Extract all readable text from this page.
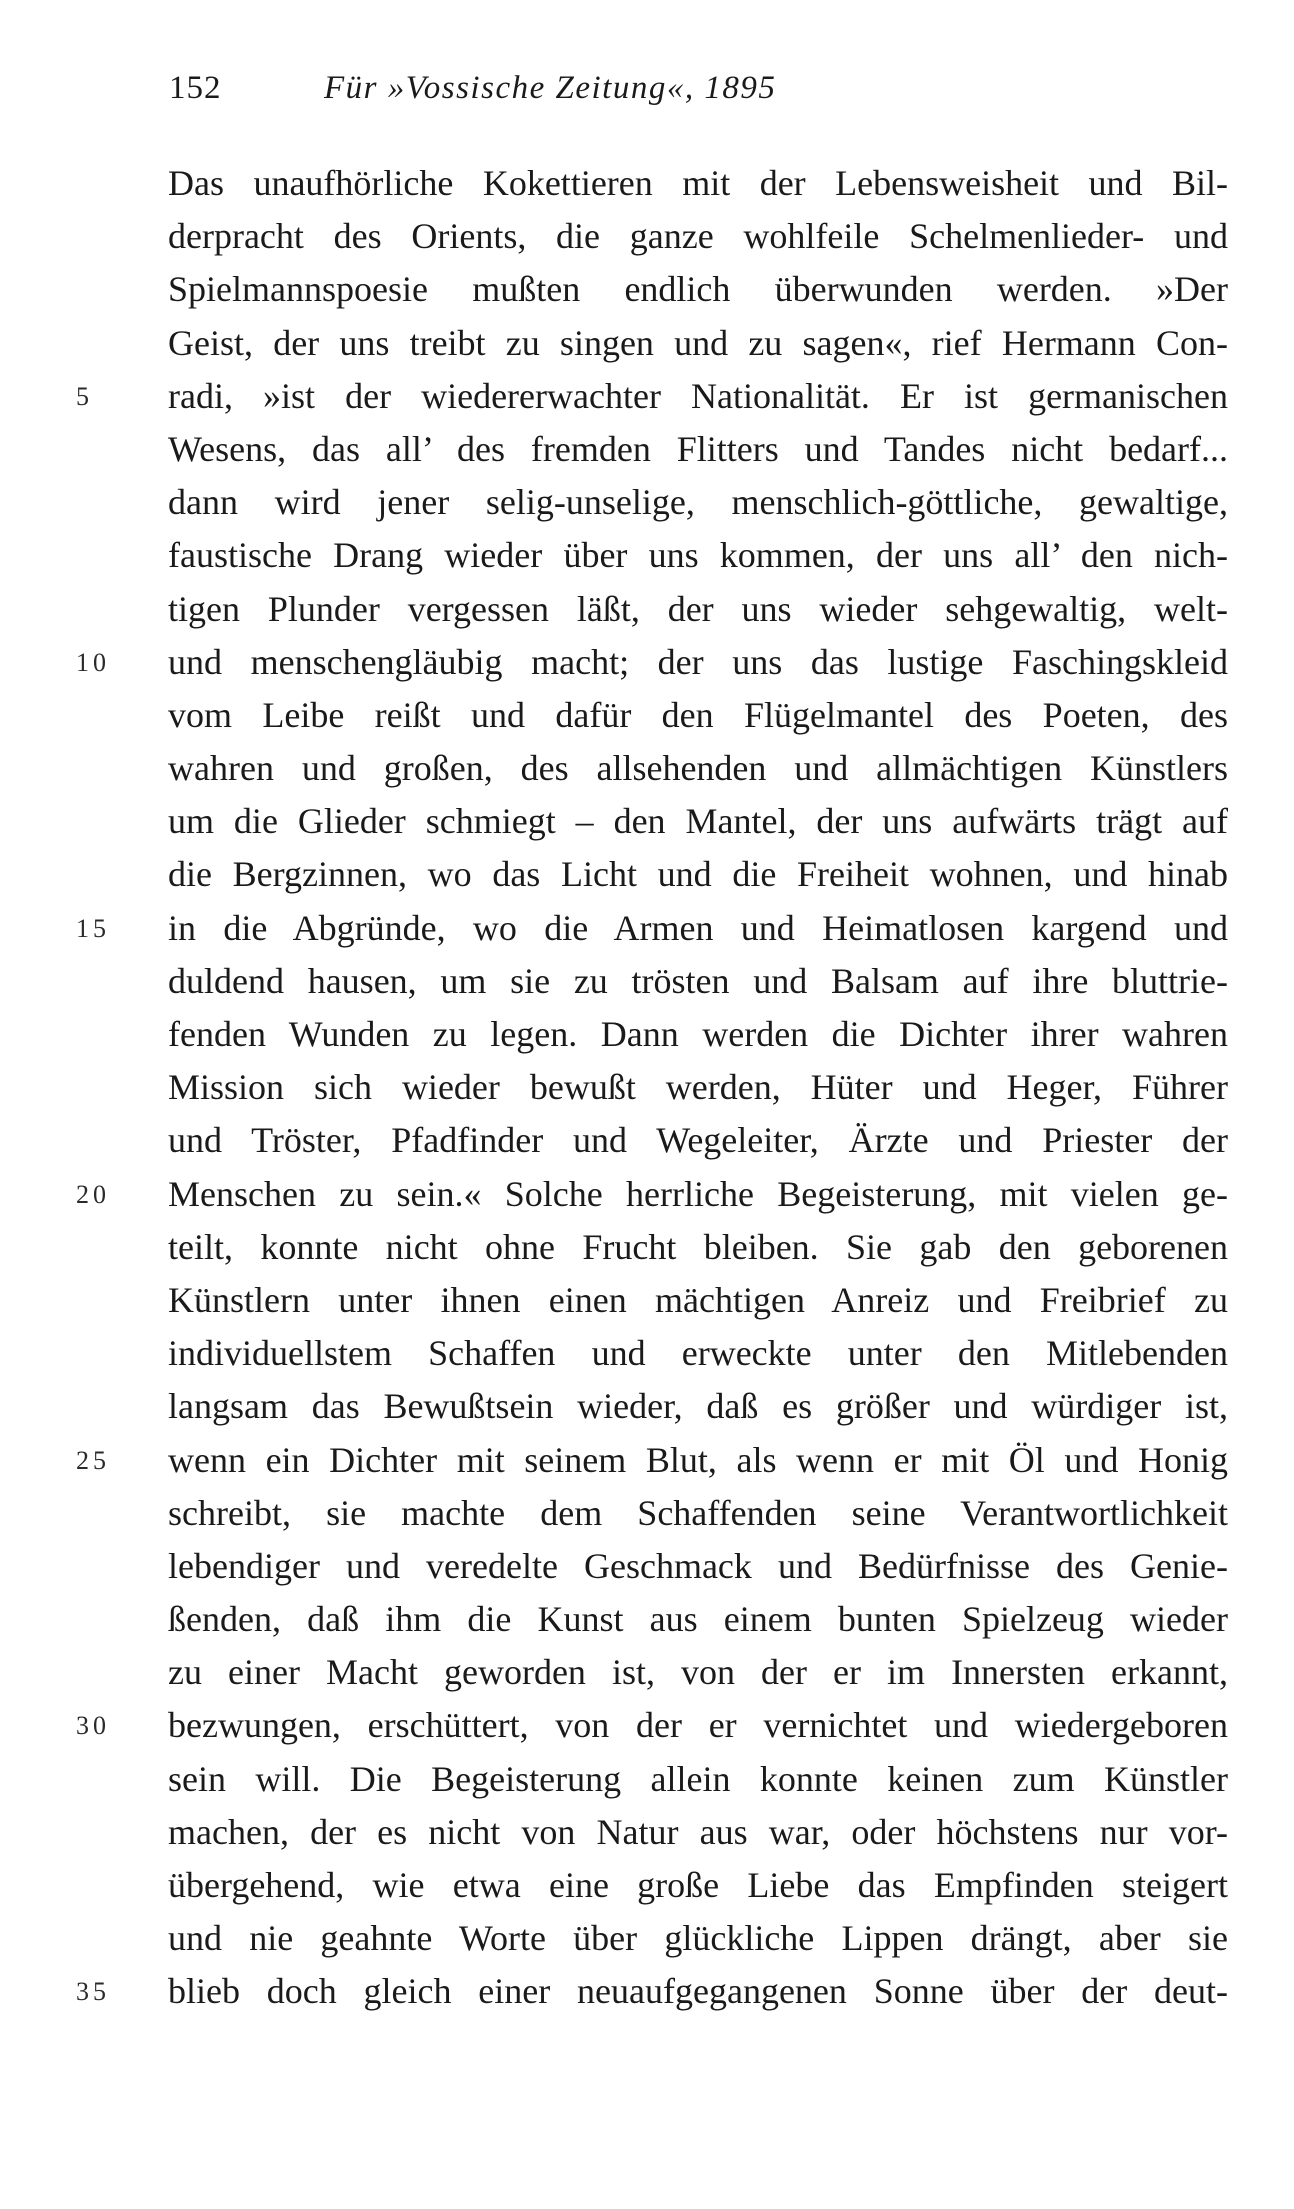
152	Für »Vossische Zeitung«, 1895
Das unaufhörliche Kokettieren mit der Lebensweisheit und Bil-
derpracht des Orients, die ganze wohlfeile Schelmenlieder- und
Spielmannspoesie mußten endlich überwunden werden. »Der
Geist, der uns treibt zu singen und zu sagen«, rief Hermann Con-
5	radi, »ist der wiedererwachter Nationalität. Er ist germanischen
Wesens, das all’ des fremden Flitters und Tandes nicht bedarf...
dann wird jener selig-unselige, menschlich-göttliche, gewaltige,
faustische Drang wieder über uns kommen, der uns all’ den nich-
tigen Plunder vergessen läßt, der uns wieder sehgewaltig, welt-
10	und menschengläubig macht; der uns das lustige Faschingskleid
vom Leibe reißt und dafür den Flügelmantel des Poeten, des
wahren und großen, des allsehenden und allmächtigen Künstlers
um die Glieder schmiegt – den Mantel, der uns aufwärts trägt auf
die Bergzinnen, wo das Licht und die Freiheit wohnen, und hinab
15	in die Abgründe, wo die Armen und Heimatlosen kargend und
duldend hausen, um sie zu trösten und Balsam auf ihre bluttrie-
fenden Wunden zu legen. Dann werden die Dichter ihrer wahren
Mission sich wieder bewußt werden, Hüter und Heger, Führer
und Tröster, Pfadfinder und Wegeleiter, Ärzte und Priester der
20	Menschen zu sein.« Solche herrliche Begeisterung, mit vielen ge-
teilt, konnte nicht ohne Frucht bleiben. Sie gab den geborenen
Künstlern unter ihnen einen mächtigen Anreiz und Freibrief zu
individuellstem Schaffen und erweckte unter den Mitlebenden
langsam das Bewußtsein wieder, daß es größer und würdiger ist,
25	wenn ein Dichter mit seinem Blut, als wenn er mit Öl und Honig
schreibt, sie machte dem Schaffenden seine Verantwortlichkeit
lebendiger und veredelte Geschmack und Bedürfnisse des Genie-
ßenden, daß ihm die Kunst aus einem bunten Spielzeug wieder
zu einer Macht geworden ist, von der er im Innersten erkannt,
30	bezwungen, erschüttert, von der er vernichtet und wiedergeboren
sein will. Die Begeisterung allein konnte keinen zum Künstler
machen, der es nicht von Natur aus war, oder höchstens nur vor-
übergehend, wie etwa eine große Liebe das Empfinden steigert
und nie geahnte Worte über glückliche Lippen drängt, aber sie
35	blieb doch gleich einer neuaufgegangenen Sonne über der deut-
